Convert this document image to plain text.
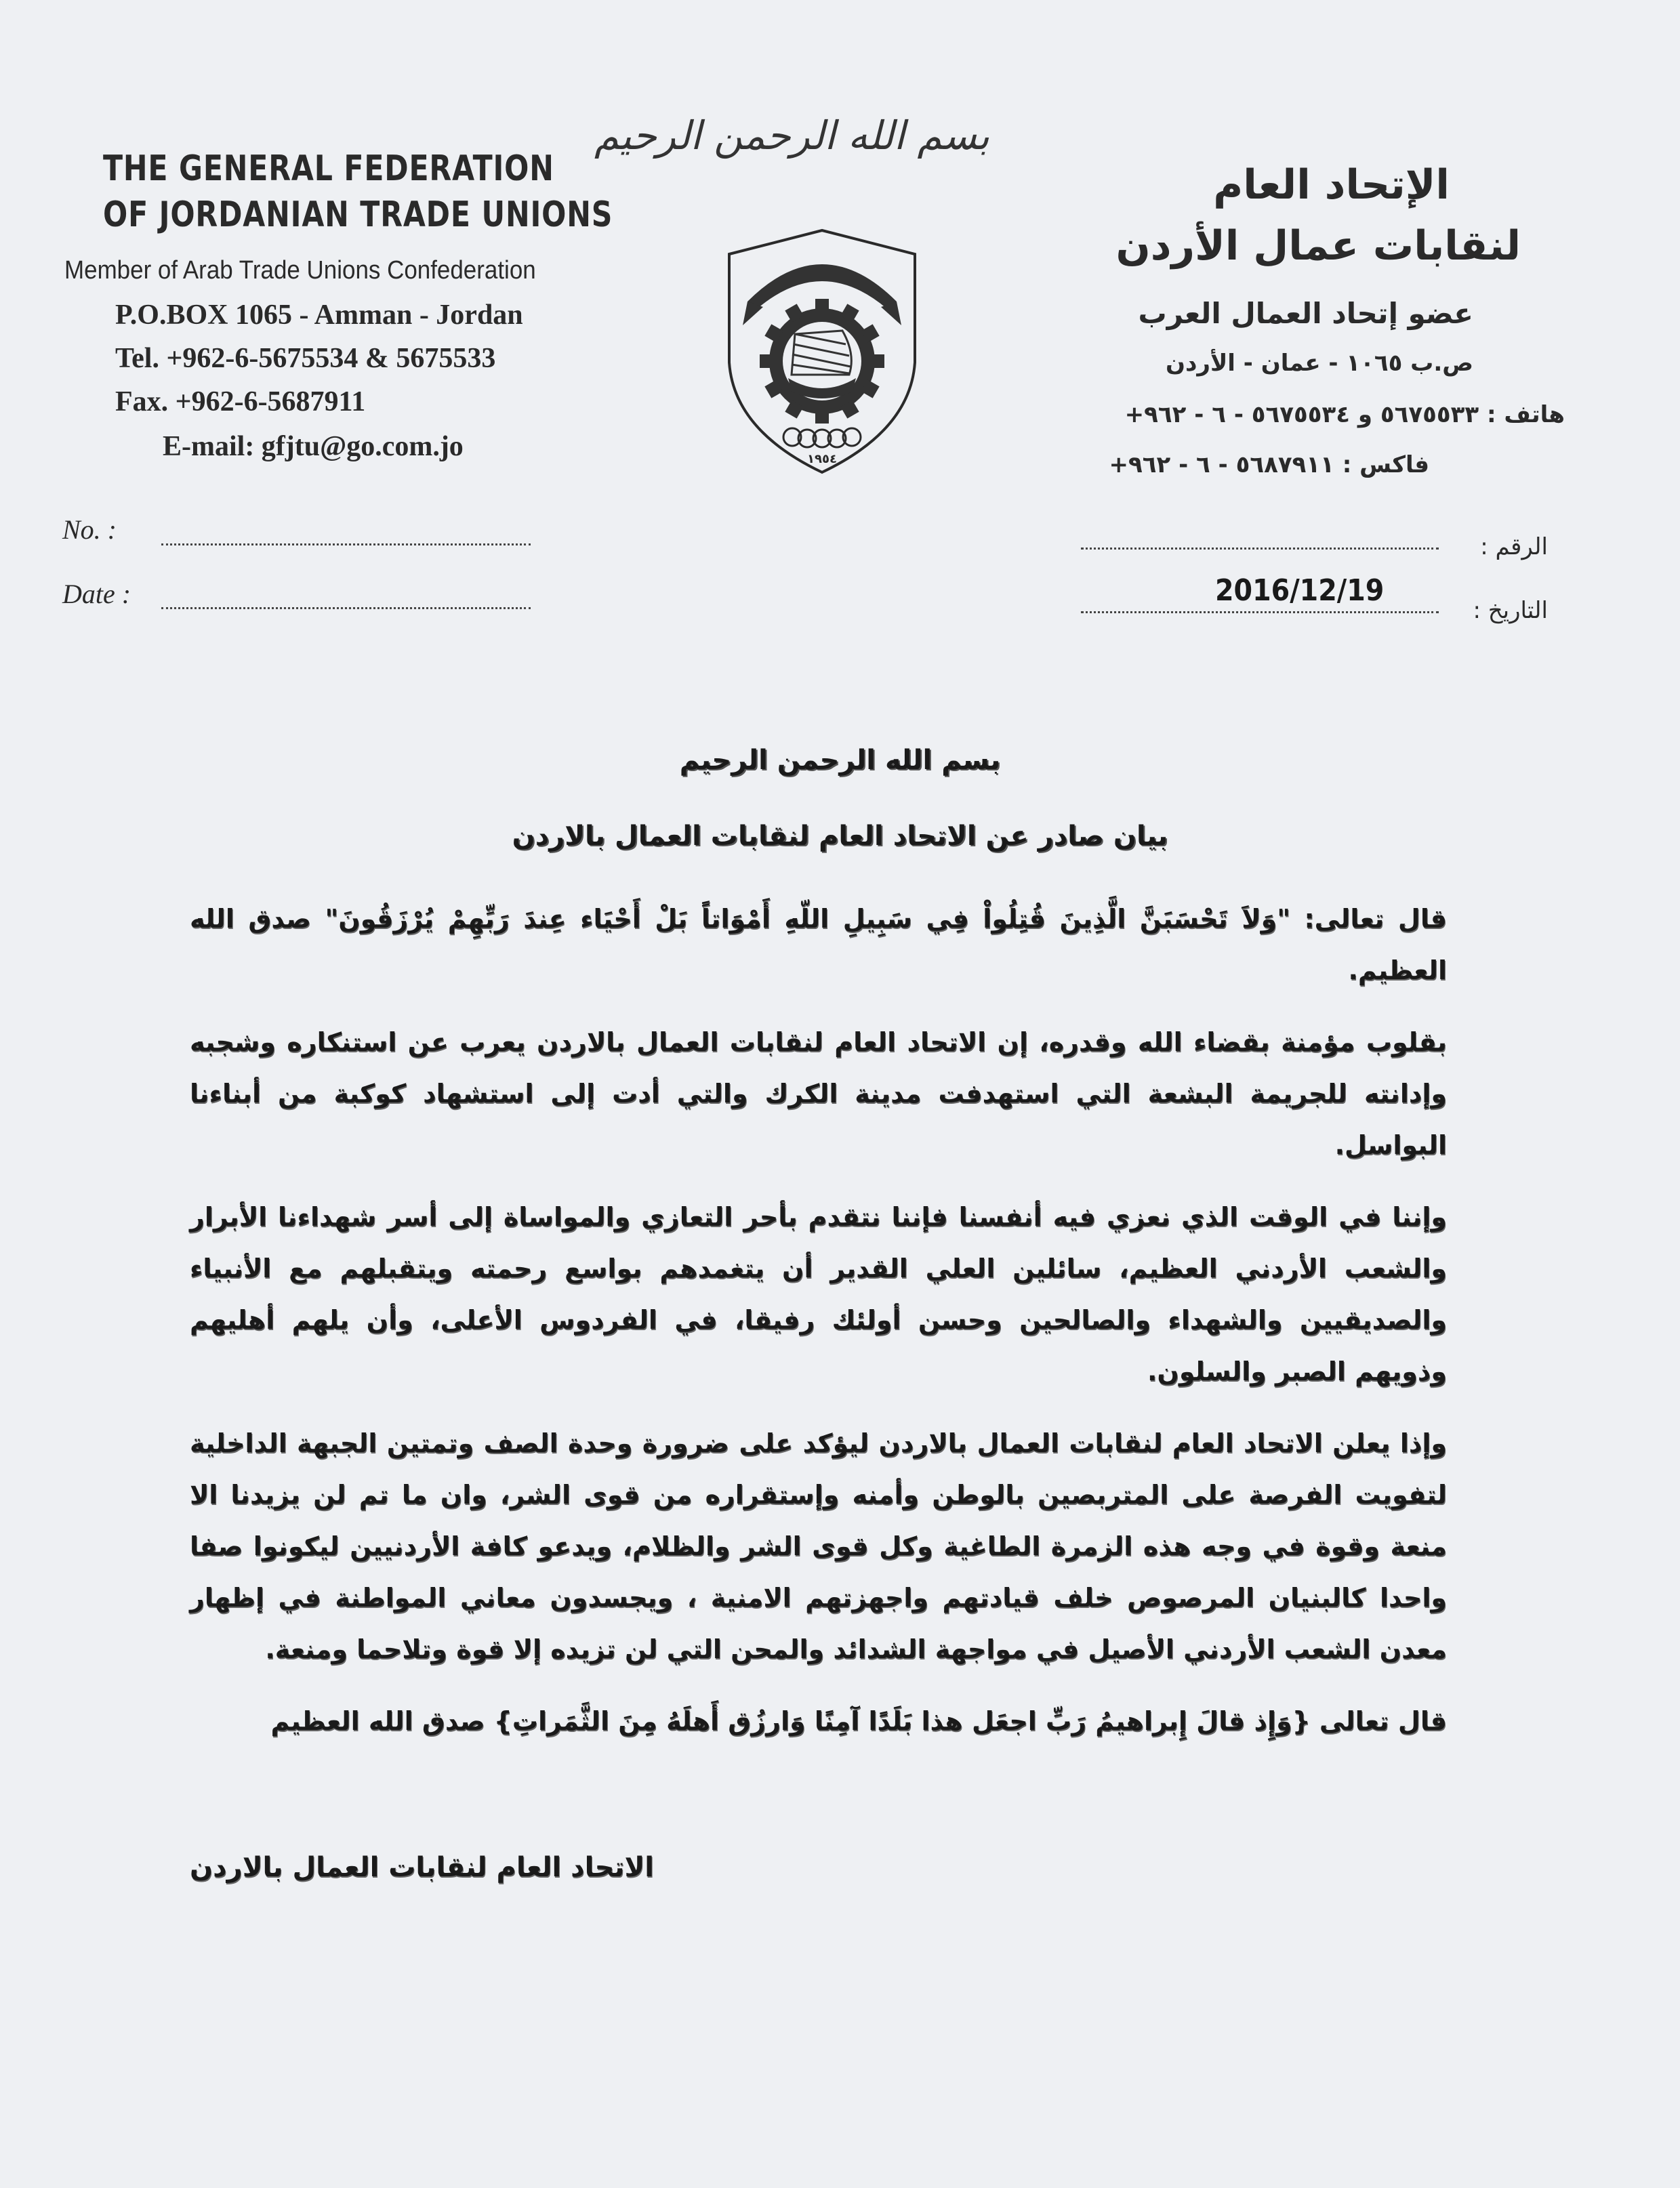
THE GENERAL FEDERATION
OF JORDANIAN TRADE UNIONS
Member of Arab Trade Unions Confederation
P.O.BOX 1065 - Amman - Jordan
Tel. +962-6-5675534 & 5675533
Fax. +962-6-5687911
E-mail: gfjtu@go.com.jo
بسم الله الرحمن الرحيم
١٩٥٤
الإتحاد العام
لنقابات عمال الأردن
عضو إتحاد العمال العرب
ص.ب ١٠٦٥ - عمان - الأردن
هاتف : ٥٦٧٥٥٣٣ و ٥٦٧٥٥٣٤ - ٦ - ٩٦٢+
فاكس : ٥٦٨٧٩١١ - ٦ - ٩٦٢+
No. :
Date :
الرقم :
التاريخ :
2016/12/19
بسم الله الرحمن الرحيم
بيان صادر عن الاتحاد العام لنقابات العمال بالاردن

قال تعالى: "وَلاَ تَحْسَبَنَّ الَّذِينَ قُتِلُواْ فِي سَبِيلِ اللّهِ أَمْوَاتاً بَلْ أَحْيَاء عِندَ رَبِّهِمْ يُرْزَقُونَ" صدق الله العظيم.

بقلوب مؤمنة بقضاء الله وقدره، إن الاتحاد العام لنقابات العمال بالاردن يعرب عن استنكاره وشجبه وإدانته للجريمة البشعة التي استهدفت مدينة الكرك والتي أدت إلى استشهاد كوكبة من أبناءنا البواسل.

وإننا في الوقت الذي نعزي فيه أنفسنا فإننا نتقدم بأحر التعازي والمواساة إلى أسر شهداءنا الأبرار والشعب الأردني العظيم، سائلين العلي القدير أن يتغمدهم بواسع رحمته ويتقبلهم مع الأنبياء والصديقيين والشهداء والصالحين وحسن أولئك رفيقا، في الفردوس الأعلى، وأن يلهم أهليهم وذويهم الصبر والسلون.

وإذا يعلن الاتحاد العام لنقابات العمال بالاردن ليؤكد على ضرورة وحدة الصف وتمتين الجبهة الداخلية لتفويت الفرصة على المتربصين بالوطن وأمنه وإستقراره من قوى الشر، وان ما تم لن يزيدنا الا منعة وقوة في وجه هذه الزمرة الطاغية وكل قوى الشر والظلام، ويدعو كافة الأردنيين ليكونوا صفا واحدا كالبنيان المرصوص خلف قيادتهم واجهزتهم الامنية ، ويجسدون معاني المواطنة في إظهار معدن الشعب الأردني الأصيل في مواجهة الشدائد والمحن التي لن تزيده إلا قوة وتلاحما ومنعة.

قال تعالى {وَإِذ قالَ إِبراهيمُ رَبِّ اجعَل هذا بَلَدًا آمِنًا وَارزُق أَهلَهُ مِنَ الثَّمَراتِ} صدق الله العظيم

الاتحاد العام لنقابات العمال بالاردن
